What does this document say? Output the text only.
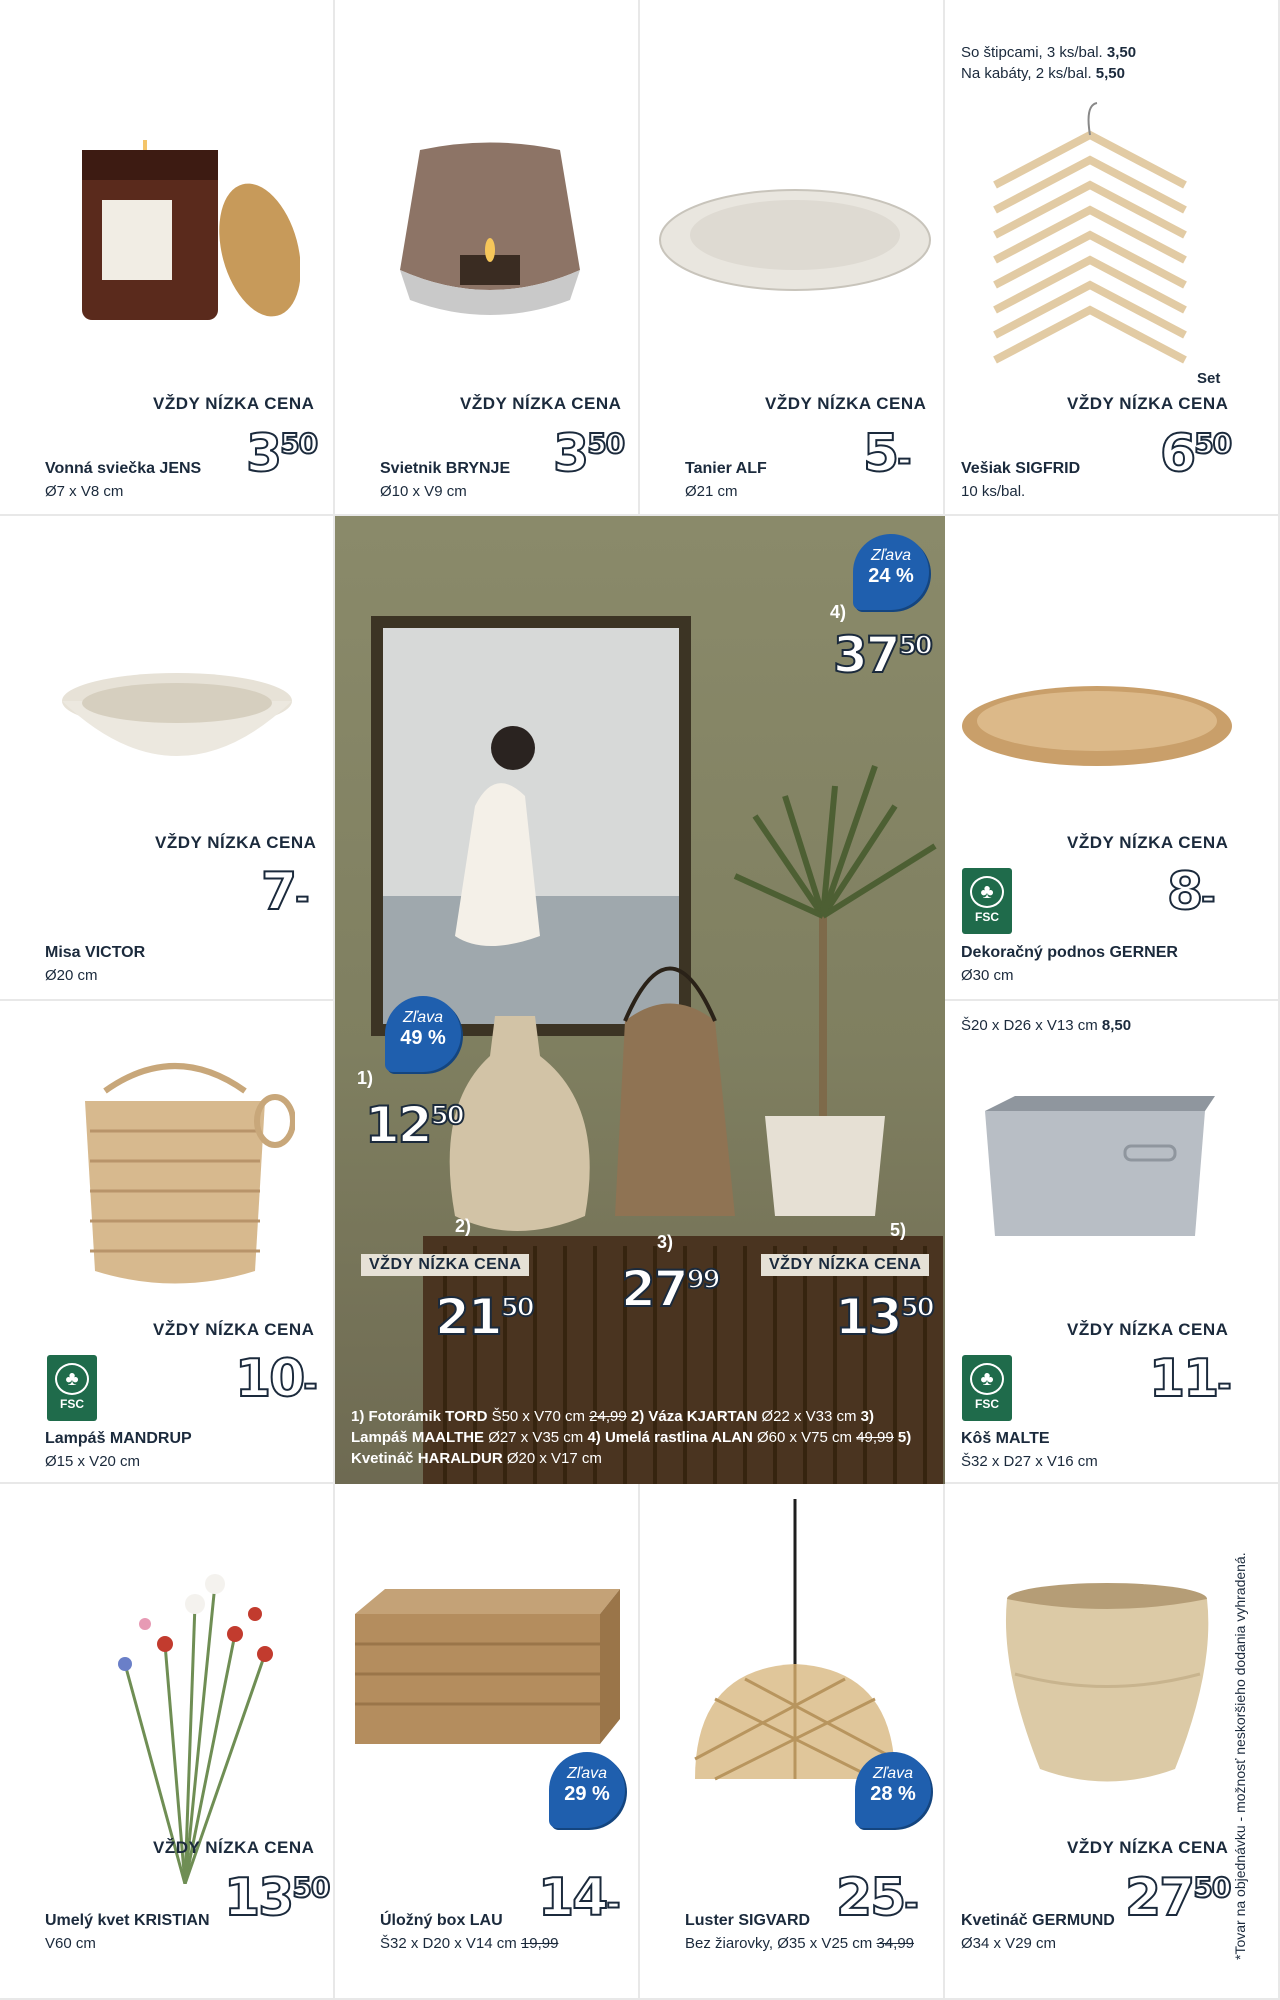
VŽDY NÍZKA CENA
$3^{50}$
Vonná sviečka JENS
Ø7 x V8 cm
VŽDY NÍZKA CENA
$3^{50}$
Svietnik BRYNJE
Ø10 x V9 cm
VŽDY NÍZKA CENA
5-
Tanier ALF
Ø21 cm
So štipcami, 3 ks/bal. 3,50
Na kabáty, 2 ks/bal. 5,50
Set
VŽDY NÍZKA CENA
$6^{50}$
Vešiak SIGFRID
10 ks/bal.
VŽDY NÍZKA CENA
7-
Misa VICTOR
Ø20 cm
4)
Zľava
24 %
$37^{50}$
1)
Zľava
49 %
$12^{50}$
2)
VŽDY NÍZKA CENA
$21^{50}$
3)
$27^{99}$
5)
VŽDY NÍZKA CENA
$13^{50}$
1) Fotorámik TORD Š50 x V70 cm 24,99 2) Váza KJARTAN Ø22 x V33 cm 3) Lampáš MAALTHE Ø27 x V35 cm 4) Umelá rastlina ALAN Ø60 x V75 cm 49,99 5) Kvetináč HARALDUR Ø20 x V17 cm
♣
FSC
VŽDY NÍZKA CENA
8-
Dekoračný podnos GERNER
Ø30 cm
♣
FSC
VŽDY NÍZKA CENA
10-
Lampáš MANDRUP
Ø15 x V20 cm
Š20 x D26 x V13 cm 8,50
♣
FSC
VŽDY NÍZKA CENA
11-
Kôš MALTE
Š32 x D27 x V16 cm
VŽDY NÍZKA CENA
$13^{50}$
Umelý kvet KRISTIAN
V60 cm
Zľava
29 %
14-
Úložný box LAU
Š32 x D20 x V14 cm 19,99
Zľava
28 %
25-
Luster SIGVARD
Bez žiarovky, Ø35 x V25 cm 34,99
VŽDY NÍZKA CENA
$27^{50}$
Kvetináč GERMUND
Ø34 x V29 cm	*Tovar na objednávku - možnosť neskoršieho dodania vyhradená.
